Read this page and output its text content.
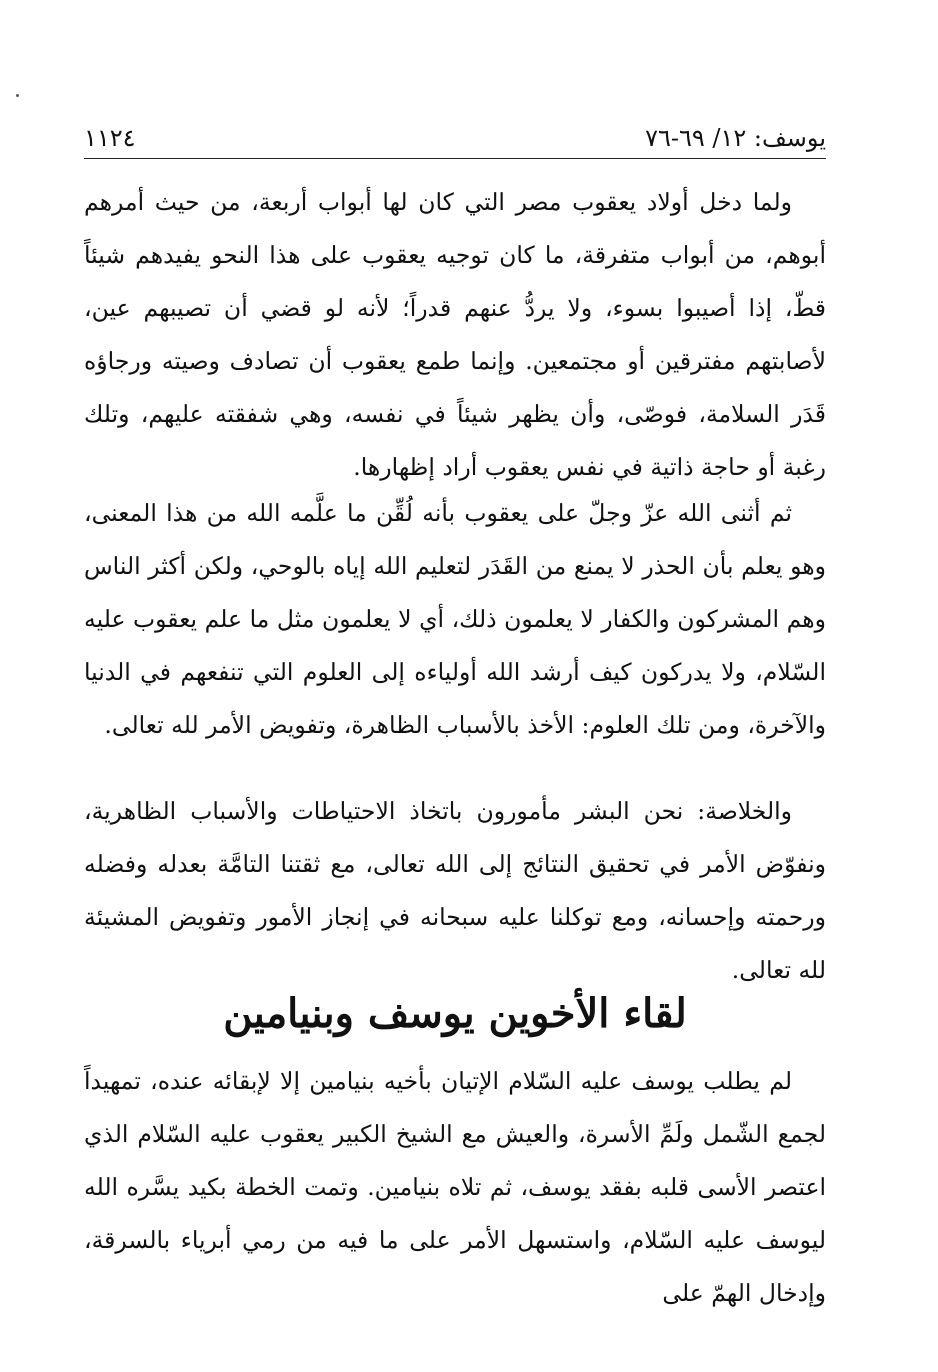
يوسف: ١٢/ ٦٩-٧٦
١١٢٤

ولما دخل أولاد يعقوب مصر التي كان لها أبواب أربعة، من حيث أمرهم أبوهم، من أبواب متفرقة، ما كان توجيه يعقوب على هذا النحو يفيدهم شيئاً قطّ، إذا أصيبوا بسوء، ولا يردُّ عنهم قدراً؛ لأنه لو قضي أن تصيبهم عين، لأصابتهم مفترقين أو مجتمعين. وإنما طمع يعقوب أن تصادف وصيته ورجاؤه قَدَر السلامة، فوصّى، وأن يظهر شيئاً في نفسه، وهي شفقته عليهم، وتلك رغبة أو حاجة ذاتية في نفس يعقوب أراد إظهارها.

ثم أثنى الله عزّ وجلّ على يعقوب بأنه لُقِّن ما علَّمه الله من هذا المعنى، وهو يعلم بأن الحذر لا يمنع من القَدَر لتعليم الله إياه بالوحي، ولكن أكثر الناس وهم المشركون والكفار لا يعلمون ذلك، أي لا يعلمون مثل ما علم يعقوب عليه السّلام، ولا يدركون كيف أرشد الله أولياءه إلى العلوم التي تنفعهم في الدنيا والآخرة، ومن تلك العلوم: الأخذ بالأسباب الظاهرة، وتفويض الأمر لله تعالى.

والخلاصة: نحن البشر مأمورون باتخاذ الاحتياطات والأسباب الظاهرية، ونفوّض الأمر في تحقيق النتائج إلى الله تعالى، مع ثقتنا التامَّة بعدله وفضله ورحمته وإحسانه، ومع توكلنا عليه سبحانه في إنجاز الأمور وتفويض المشيئة لله تعالى.

لقاء الأخوين يوسف وبنيامين

لم يطلب يوسف عليه السّلام الإتيان بأخيه بنيامين إلا لإبقائه عنده، تمهيداً لجمع الشّمل ولَمِّ الأسرة، والعيش مع الشيخ الكبير يعقوب عليه السّلام الذي اعتصر الأسى قلبه بفقد يوسف، ثم تلاه بنيامين. وتمت الخطة بكيد يسَّره الله ليوسف عليه السّلام، واستسهل الأمر على ما فيه من رمي أبرياء بالسرقة، وإدخال الهمّ على
